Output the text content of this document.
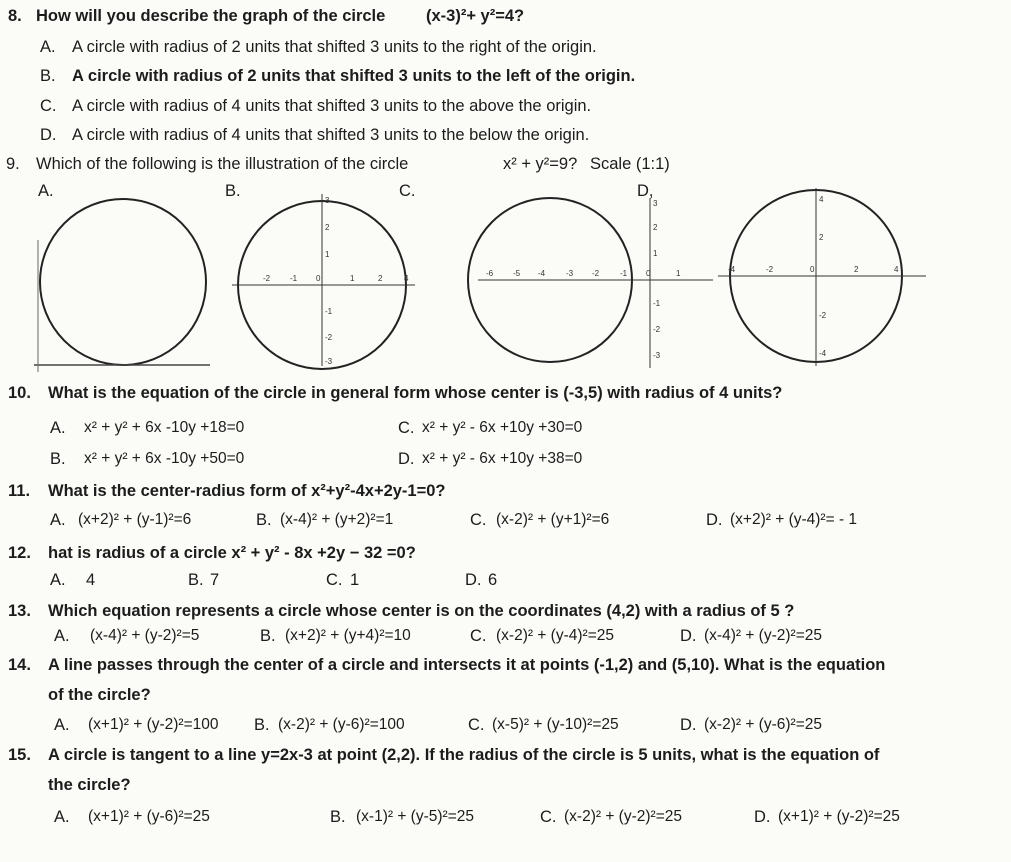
8. How will you describe the graph of the circle (x-3)²+ y²=4?
A. A circle with radius of 2 units that shifted 3 units to the right of the origin.
B. A circle with radius of 2 units that shifted 3 units to the left of the origin.
C. A circle with radius of 4 units that shifted 3 units to the above the origin.
D. A circle with radius of 4 units that shifted 3 units to the below the origin.
9. Which of the following is the illustration of the circle	x² + y²=9? Scale (1:1)
A.	B.
-2 -1 0	1	2	4
3
2
1
-1
-2
-3
C.
-6 -5 -4	-3 -2	-1 0	1
3
2
1
-1
-2
-3
D,
-4	-2	0	2	4
4
2
-2
-4
10. What is the equation of the circle in general form whose center is (-3,5) with radius of 4 units?
A. x² + y² + 6x -10y +18=0	C. x² + y² - 6x +10y +30=0
B. x² + y² + 6x -10y +50=0	D. x² + y² - 6x +10y +38=0
11. What is the center-radius form of x²+y²-4x+2y-1=0?
A. (x+2)² + (y-1)²=6	B. (x-4)² + (y+2)²=1	C. (x-2)² + (y+1)²=6	D. (x+2)² + (y-4)²= - 1
12. hat is radius of a circle x² + y² - 8x +2y − 32 =0?
A. 4	B. 7	C. 1	D. 6
13. Which equation represents a circle whose center is on the coordinates (4,2) with a radius of 5 ?
A. (x-4)² + (y-2)²=5	B. (x+2)² + (y+4)²=10	C. (x-2)² + (y-4)²=25	D. (x-4)² + (y-2)²=25
14. A line passes through the center of a circle and intersects it at points (-1,2) and (5,10). What is the equation
of the circle?
A. (x+1)² + (y-2)²=100 B. (x-2)² + (y-6)²=100	C. (x-5)² + (y-10)²=25	D. (x-2)² + (y-6)²=25
15. A circle is tangent to a line y=2x-3 at point (2,2). If the radius of the circle is 5 units, what is the equation of
the circle?
A. (x+1)² + (y-6)²=25	B. (x-1)² + (y-5)²=25	C. (x-2)² + (y-2)²=25	D. (x+1)² + (y-2)²=25
